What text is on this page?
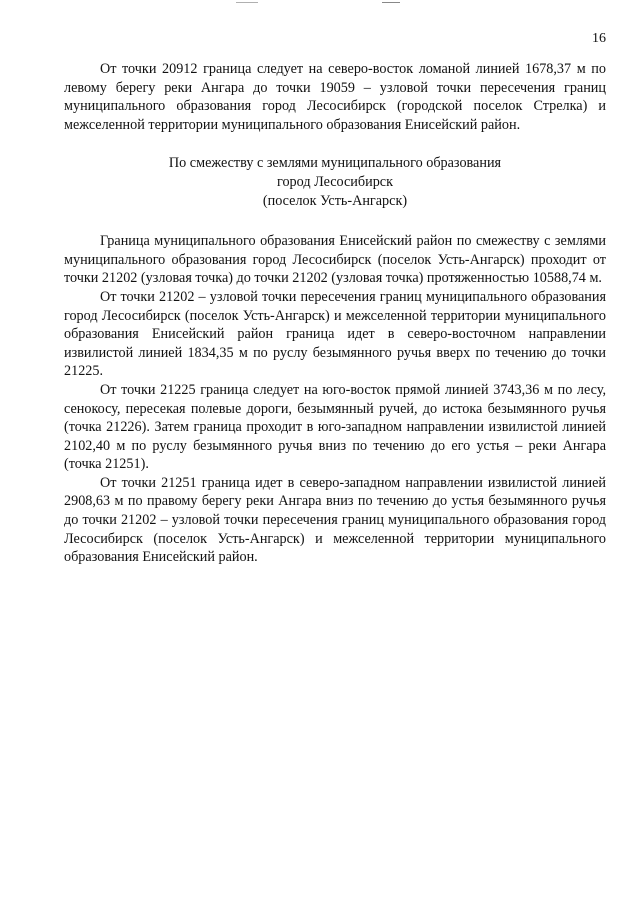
16

От точки 20912 граница следует на северо-восток ломаной линией 1678,37 м по левому берегу реки Ангара до точки 19059 – узловой точки пересечения границ муниципального образования город Лесосибирск (городской поселок Стрелка) и межселенной территории муниципального образования Енисейский район.

По смежеству с землями муниципального образования
город Лесосибирск
(поселок Усть-Ангарск)

Граница муниципального образования Енисейский район по смежеству с землями муниципального образования город Лесосибирск (поселок Усть-Ангарск) проходит от точки 21202 (узловая точка) до точки 21202 (узловая точка) протяженностью 10588,74 м.

От точки 21202 – узловой точки пересечения границ муниципального образования город Лесосибирск (поселок Усть-Ангарск) и межселенной территории муниципального образования Енисейский район граница идет в северо-восточном направлении извилистой линией 1834,35 м по руслу безымянного ручья вверх по течению до точки 21225.

От точки 21225 граница следует на юго-восток прямой линией 3743,36 м по лесу, сенокосу, пересекая полевые дороги, безымянный ручей, до истока безымянного ручья (точка 21226). Затем граница проходит в юго-западном направлении извилистой линией 2102,40 м по руслу безымянного ручья вниз по течению до его устья – реки Ангара (точка 21251).

От точки 21251 граница идет в северо-западном направлении извилистой линией 2908,63 м по правому берегу реки Ангара вниз по течению до устья безымянного ручья до точки 21202 – узловой точки пересечения границ муниципального образования город Лесосибирск (поселок Усть-Ангарск) и межселенной территории муниципального образования Енисейский район.
